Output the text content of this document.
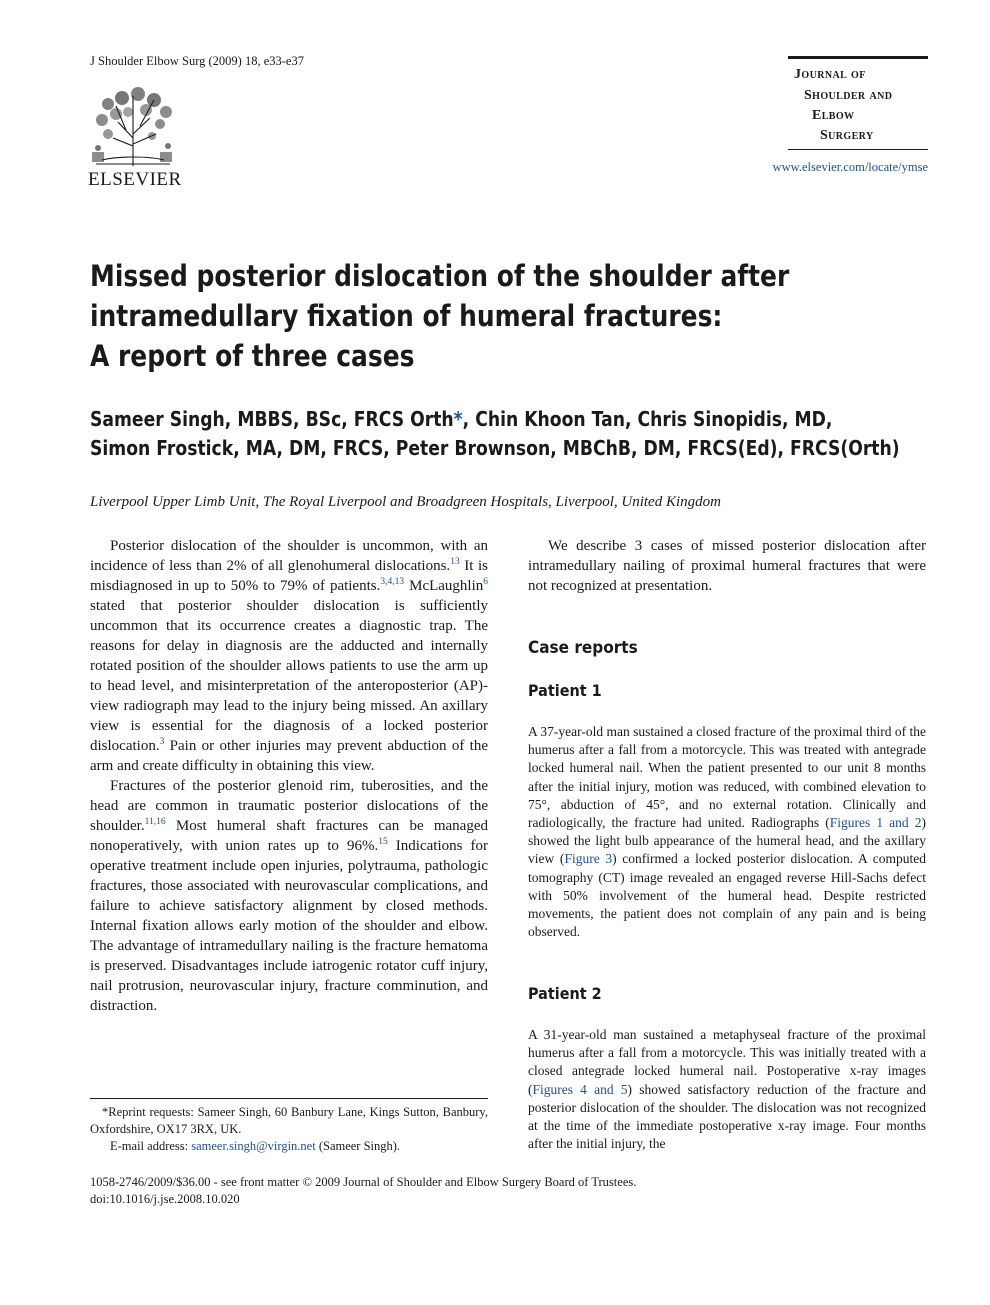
J Shoulder Elbow Surg (2009) 18, e33-e37
ELSEVIER
Journal of
Shoulder and
Elbow
Surgery
www.elsevier.com/locate/ymse
Missed posterior dislocation of the shoulder after
intramedullary fixation of humeral fractures:
A report of three cases
Sameer Singh, MBBS, BSc, FRCS Orth*, Chin Khoon Tan, Chris Sinopidis, MD,
Simon Frostick, MA, DM, FRCS, Peter Brownson, MBChB, DM, FRCS(Ed), FRCS(Orth)
Liverpool Upper Limb Unit, The Royal Liverpool and Broadgreen Hospitals, Liverpool, United Kingdom

Posterior dislocation of the shoulder is uncommon, with an incidence of less than 2% of all glenohumeral dislocations.$^{13}$ It is misdiagnosed in up to 50% to 79% of patients.$^{3,4,13}$ McLaughlin$^6$ stated that posterior shoulder dislocation is sufficiently uncommon that its occurrence creates a diagnostic trap. The reasons for delay in diagnosis are the adducted and internally rotated position of the shoulder allows patients to use the arm up to head level, and misinterpretation of the anteroposterior (AP)-view radiograph may lead to the injury being missed. An axillary view is essential for the diagnosis of a locked posterior dislocation.$^3$ Pain or other injuries may prevent abduction of the arm and create difficulty in obtaining this view.

Fractures of the posterior glenoid rim, tuberosities, and the head are common in traumatic posterior dislocations of the shoulder.$^{11,16}$ Most humeral shaft fractures can be managed nonoperatively, with union rates up to 96%.$^{15}$ Indications for operative treatment include open injuries, polytrauma, pathologic fractures, those associated with neurovascular complications, and failure to achieve satisfactory alignment by closed methods. Internal fixation allows early motion of the shoulder and elbow. The advantage of intramedullary nailing is the fracture hematoma is preserved. Disadvantages include iatrogenic rotator cuff injury, nail protrusion, neurovascular injury, fracture comminution, and distraction.

We describe 3 cases of missed posterior dislocation after intramedullary nailing of proximal humeral fractures that were not recognized at presentation.

Case reports
Patient 1

A 37-year-old man sustained a closed fracture of the proximal third of the humerus after a fall from a motorcycle. This was treated with antegrade locked humeral nail. When the patient presented to our unit 8 months after the initial injury, motion was reduced, with combined elevation to 75°, abduction of 45°, and no external rotation. Clinically and radiologically, the fracture had united. Radiographs (Figures 1 and 2) showed the light bulb appearance of the humeral head, and the axillary view (Figure 3) confirmed a locked posterior dislocation. A computed tomography (CT) image revealed an engaged reverse Hill-Sachs defect with 50% involvement of the humeral head. Despite restricted movements, the patient does not complain of any pain and is being observed.

Patient 2

A 31-year-old man sustained a metaphyseal fracture of the proximal humerus after a fall from a motorcycle. This was initially treated with a closed antegrade locked humeral nail. Postoperative x-ray images (Figures 4 and 5) showed satisfactory reduction of the fracture and posterior dislocation of the shoulder. The dislocation was not recognized at the time of the immediate postoperative x-ray image. Four months after the initial injury, the

*Reprint requests: Sameer Singh, 60 Banbury Lane, Kings Sutton, Banbury, Oxfordshire, OX17 3RX, UK.

E-mail address: sameer.singh@virgin.net (Sameer Singh).

1058-2746/2009/$36.00 - see front matter © 2009 Journal of Shoulder and Elbow Surgery Board of Trustees.

doi:10.1016/j.jse.2008.10.020
